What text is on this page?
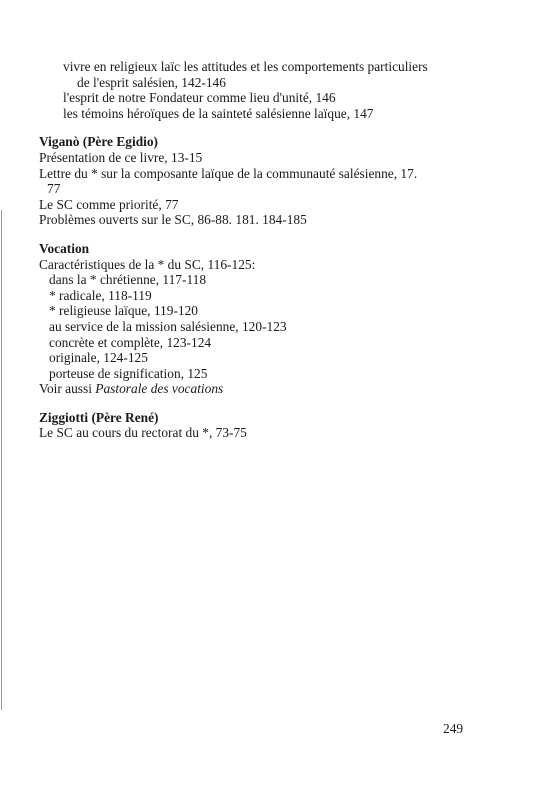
vivre en religieux laïc les attitudes et les comportements particuliers
de l'esprit salésien, 142-146
l'esprit de notre Fondateur comme lieu d'unité, 146
les témoins héroïques de la sainteté salésienne laïque, 147
Viganò (Père Egidio)
Présentation de ce livre, 13-15
Lettre du * sur la composante laïque de la communauté salésienne, 17.
77
Le SC comme priorité, 77
Problèmes ouverts sur le SC, 86-88. 181. 184-185
Vocation
Caractéristiques de la * du SC, 116-125:
dans la * chrétienne, 117-118
* radicale, 118-119
* religieuse laïque, 119-120
au service de la mission salésienne, 120-123
concrète et complète, 123-124
originale, 124-125
porteuse de signification, 125
Voir aussi Pastorale des vocations
Ziggiotti (Père René)
Le SC au cours du rectorat du *, 73-75
249
